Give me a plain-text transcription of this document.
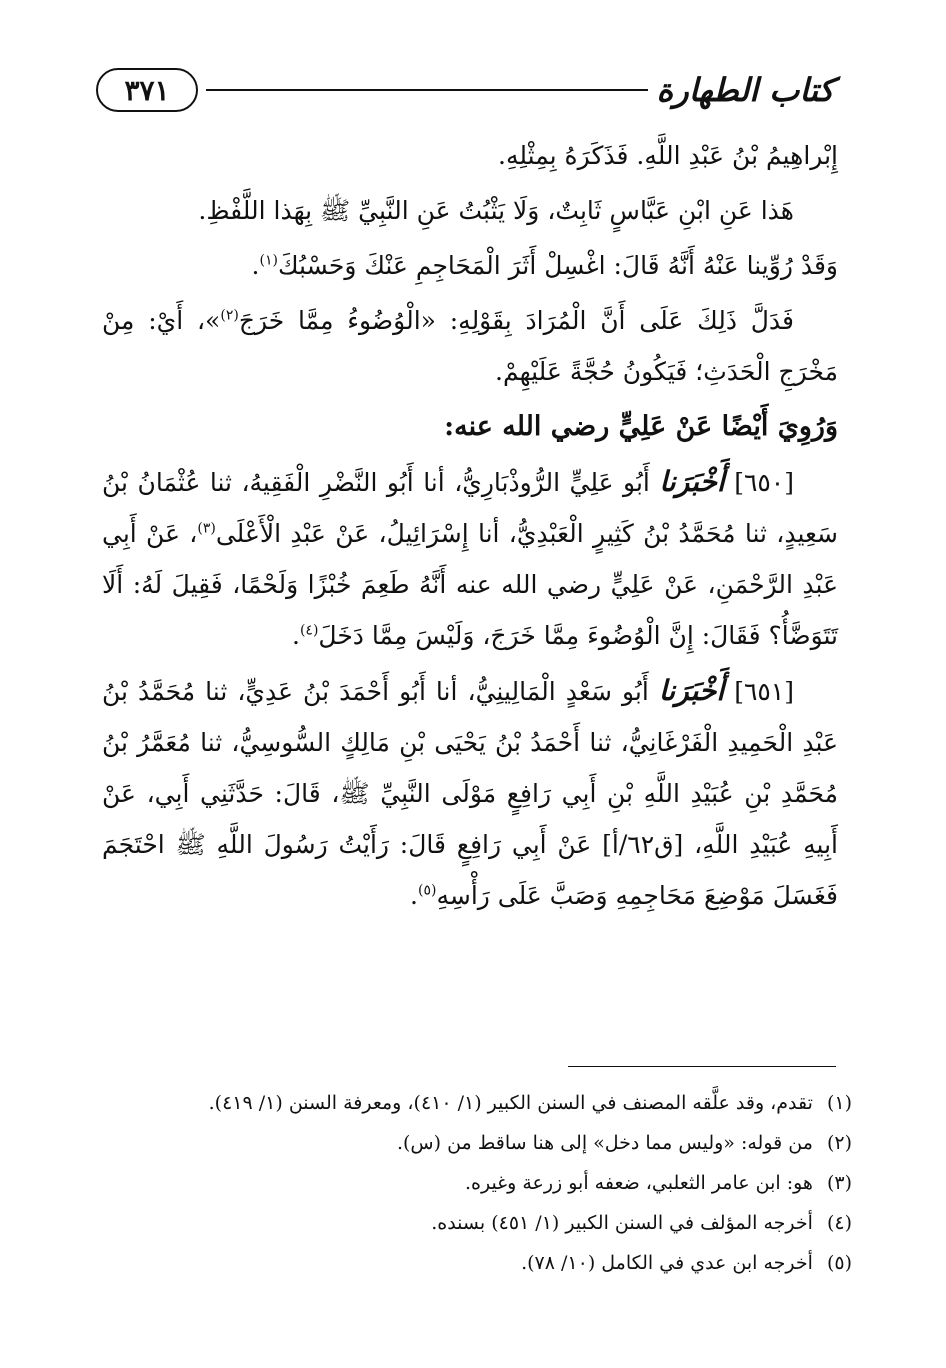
٣٧١	كتاب الطهارة

إِبْراهِيمُ بْنُ عَبْدِ اللَّهِ. فَذَكَرَهُ بِمِثْلِهِ.

هَذا عَنِ ابْنِ عَبَّاسٍ ثَابِتٌ، وَلَا يَثْبُتُ عَنِ النَّبِيِّ ﷺ بِهَذا اللَّفْظِ.

وَقَدْ رُوِّينا عَنْهُ أَنَّهُ قَالَ: اغْسِلْ أَثَرَ الْمَحَاجِمِ عَنْكَ وَحَسْبُكَ$^{(١)}$.

فَدَلَّ ذَلِكَ عَلَى أَنَّ الْمُرَادَ بِقَوْلِهِ: «الْوُضُوءُ مِمَّا خَرَجَ$^{(٢)}$»، أَيْ: مِنْ مَخْرَجِ الْحَدَثِ؛ فَيَكُونُ حُجَّةً عَلَيْهِمْ.

وَرُوِيَ أَيْضًا عَنْ عَلِيٍّ رضي الله عنه:

[٦٥٠] أَخْبَرَنا أَبُو عَلِيٍّ الرُّوذْبَارِيُّ، أنا أَبُو النَّضْرِ الْفَقِيهُ، ثنا عُثْمَانُ بْنُ سَعِيدٍ، ثنا مُحَمَّدُ بْنُ كَثِيرٍ الْعَبْدِيُّ، أنا إِسْرَائِيلُ، عَنْ عَبْدِ الْأَعْلَى$^{(٣)}$، عَنْ أَبِي عَبْدِ الرَّحْمَنِ، عَنْ عَلِيٍّ رضي الله عنه أَنَّهُ طَعِمَ خُبْزًا وَلَحْمًا، فَقِيلَ لَهُ: أَلَا تَتَوَضَّأُ؟ فَقَالَ: إِنَّ الْوُضُوءَ مِمَّا خَرَجَ، وَلَيْسَ مِمَّا دَخَلَ$^{(٤)}$.

[٦٥١] أَخْبَرَنا أَبُو سَعْدٍ الْمَالِينِيُّ، أنا أَبُو أَحْمَدَ بْنُ عَدِيٍّ، ثنا مُحَمَّدُ بْنُ عَبْدِ الْحَمِيدِ الْفَرْغَانِيُّ، ثنا أَحْمَدُ بْنُ يَحْيَى بْنِ مَالِكٍ السُّوسِيُّ، ثنا مُعَمَّرُ بْنُ مُحَمَّدِ بْنِ عُبَيْدِ اللَّهِ بْنِ أَبِي رَافِعٍ مَوْلَى النَّبِيِّ ﷺ، قَالَ: حَدَّثَنِي أَبِي، عَنْ أَبِيهِ عُبَيْدِ اللَّهِ، [ق٦٢/أ] عَنْ أَبِي رَافِعٍ قَالَ: رَأَيْتُ رَسُولَ اللَّهِ ﷺ احْتَجَمَ فَغَسَلَ مَوْضِعَ مَحَاجِمِهِ وَصَبَّ عَلَى رَأْسِهِ$^{(٥)}$.

(١)
تقدم، وقد علَّقه المصنف في السنن الكبير (١/ ٤١٠)، ومعرفة السنن (١/ ٤١٩).
(٢)
من قوله: «وليس مما دخل» إلى هنا ساقط من (س).
(٣)
هو: ابن عامر الثعلبي، ضعفه أبو زرعة وغيره.
(٤)
أخرجه المؤلف في السنن الكبير (١/ ٤٥١) بسنده.
(٥)
أخرجه ابن عدي في الكامل (١٠/ ٧٨).
